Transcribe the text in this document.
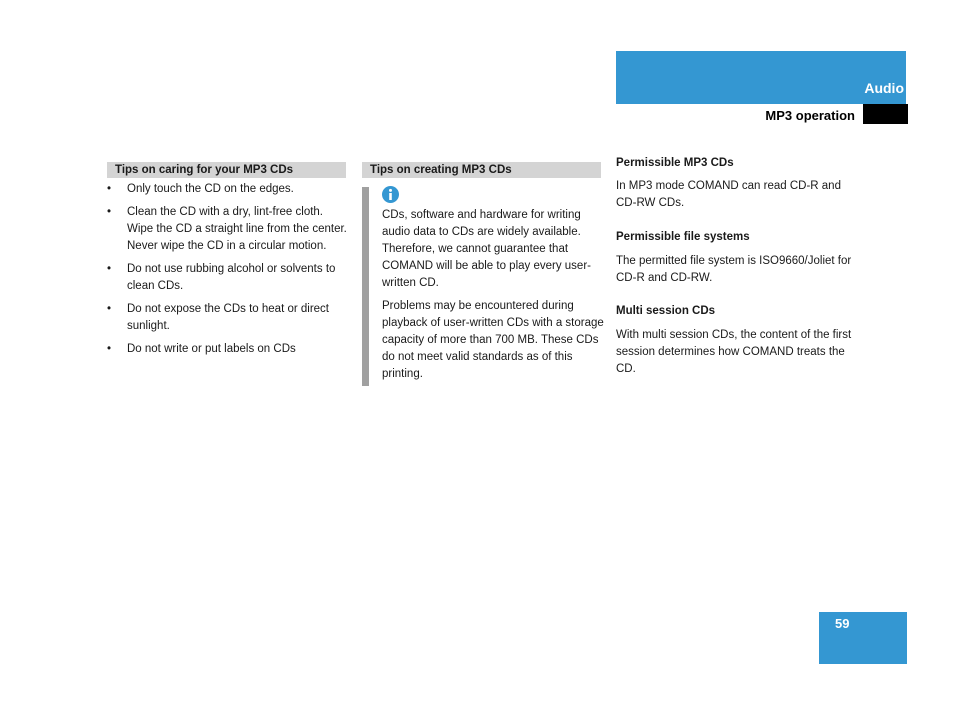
Audio
MP3 operation
Tips on caring for your MP3 CDs
• Only touch the CD on the edges.
• Clean the CD with a dry, lint-free cloth. Wipe the CD a straight line from the center. Never wipe the CD in a circular motion.
• Do not use rubbing alcohol or solvents to clean CDs.
• Do not expose the CDs to heat or direct sunlight.
• Do not write or put labels on CDs
Tips on creating MP3 CDs

CDs, software and hardware for writing audio data to CDs are widely available. Therefore, we cannot guarantee that COMAND will be able to play every user-written CD.

Problems may be encountered during playback of user-written CDs with a storage capacity of more than 700 MB. These CDs do not meet valid standards as of this printing.

Permissible MP3 CDs

In MP3 mode COMAND can read CD-R and CD-RW CDs.

Permissible file systems

The permitted file system is ISO9660/Joliet for CD-R and CD-RW.

Multi session CDs

With multi session CDs, the content of the first session determines how COMAND treats the CD.

59
